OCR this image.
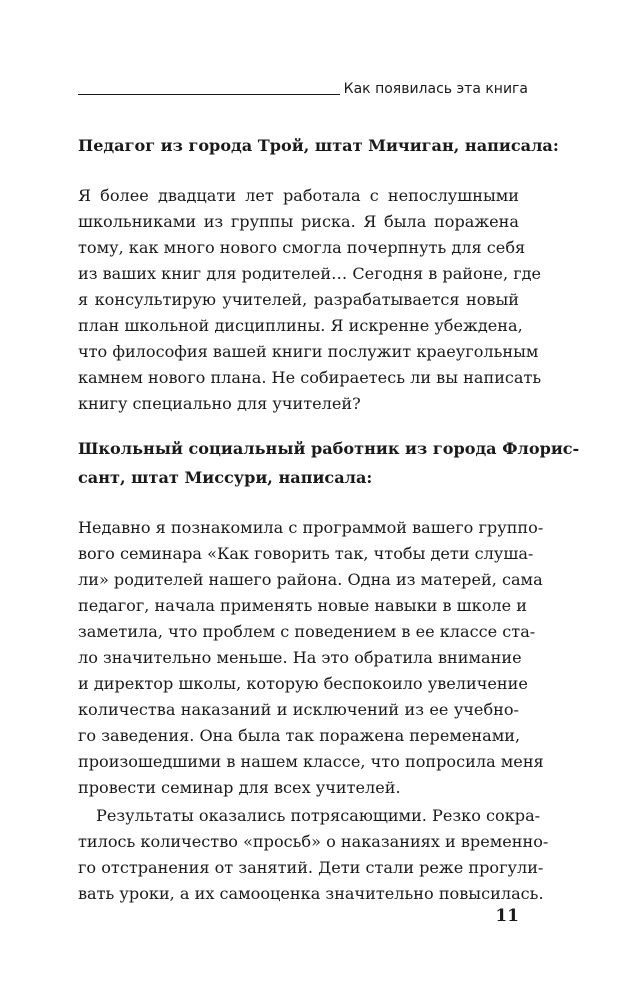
Как появилась эта книга
Педагог из города Трой, штат Мичиган, написала:
Я более двадцати лет работала с непослушными
школьниками из группы риска. Я была поражена
тому, как много нового смогла почерпнуть для себя
из ваших книг для родителей… Сегодня в районе, где
я консультирую учителей, разрабатывается новый
план школьной дисциплины. Я искренне убеждена,
что философия вашей книги послужит краеугольным
камнем нового плана. Не собираетесь ли вы написать
книгу специально для учителей?
Школьный социальный работник из города Флорис-
сант, штат Миссури, написала:
Недавно я познакомила с программой вашего группо-
вого семинара «Как говорить так, чтобы дети слуша-
ли» родителей нашего района. Одна из матерей, сама
педагог, начала применять новые навыки в школе и
заметила, что проблем с поведением в ее классе ста-
ло значительно меньше. На это обратила внимание
и директор школы, которую беспокоило увеличение
количества наказаний и исключений из ее учебно-
го заведения. Она была так поражена переменами,
произошедшими в нашем классе, что попросила меня
провести семинар для всех учителей.
Результаты оказались потрясающими. Резко сокра-
тилось количество «просьб» о наказаниях и временно-
го отстранения от занятий. Дети стали реже прогули-
вать уроки, а их самооценка значительно повысилась.
11
